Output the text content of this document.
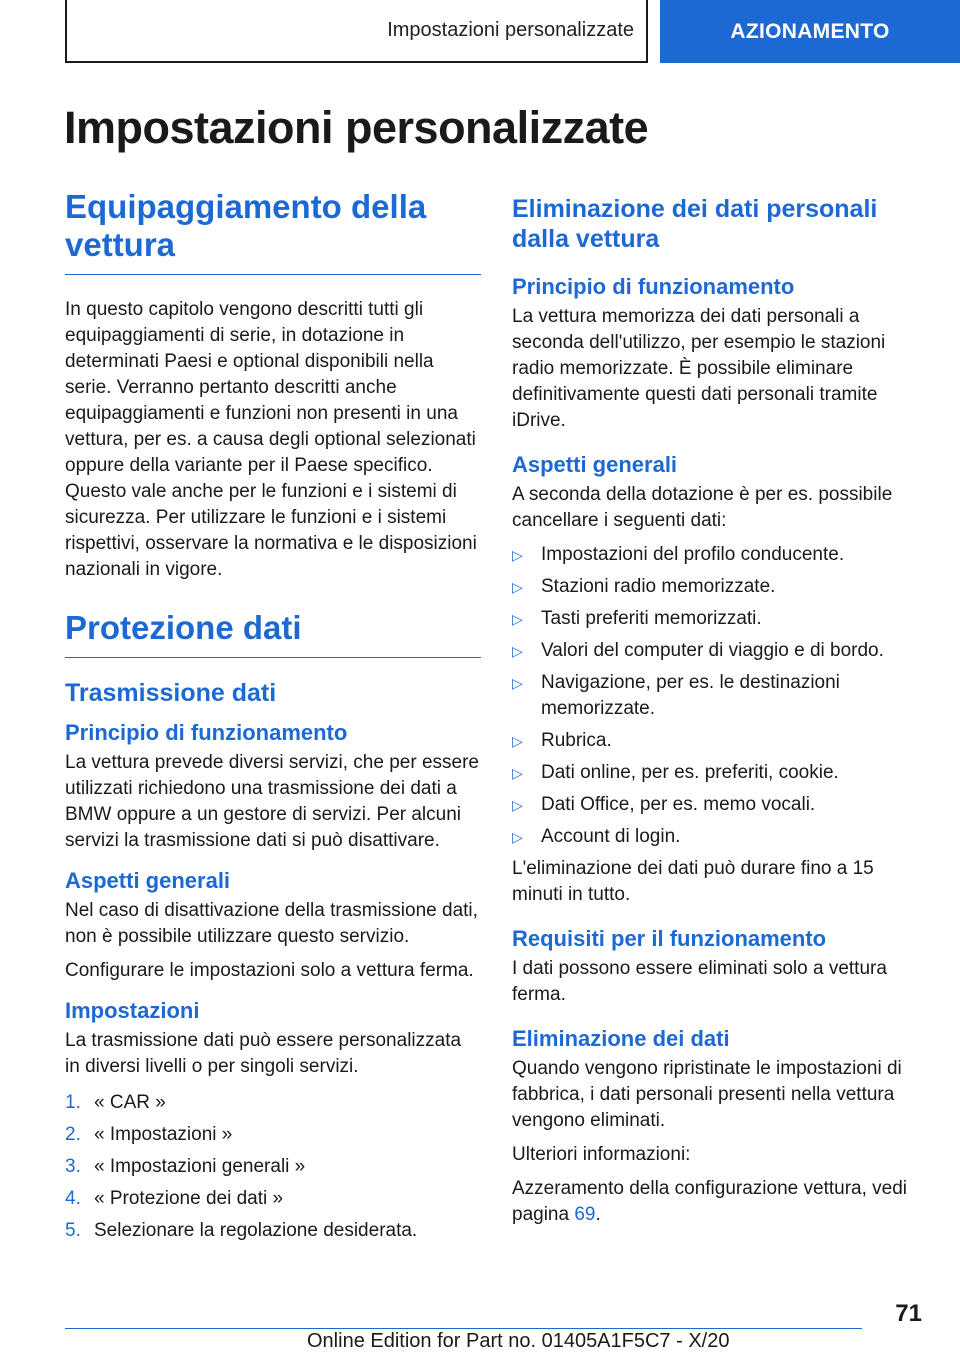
Impostazioni personalizzate	AZIONAMENTO
Impostazioni personalizzate
Equipaggiamento della vettura

In questo capitolo vengono descritti tutti gli equipaggiamenti di serie, in dotazione in determinati Paesi e optional disponibili nella serie. Verranno pertanto descritti anche equipaggiamenti e funzioni non presenti in una vettura, per es. a causa degli optional selezionati oppure della variante per il Paese specifico. Questo vale anche per le funzioni e i sistemi di sicurezza. Per utilizzare le funzioni e i sistemi rispettivi, osservare la normativa e le disposizioni nazionali in vigore.

Protezione dati
Trasmissione dati
Principio di funzionamento

La vettura prevede diversi servizi, che per essere utilizzati richiedono una trasmissione dei dati a BMW oppure a un gestore di servizi. Per alcuni servizi la trasmissione dati si può disattivare.

Aspetti generali

Nel caso di disattivazione della trasmissione dati, non è possibile utilizzare questo servizio.

Configurare le impostazioni solo a vettura ferma.

Impostazioni

La trasmissione dati può essere personalizzata in diversi livelli o per singoli servizi.

1. « CAR »
2. « Impostazioni »
3. « Impostazioni generali »
4. « Protezione dei dati »
5. Selezionare la regolazione desiderata.
Eliminazione dei dati personali dalla vettura
Principio di funzionamento

La vettura memorizza dei dati personali a seconda dell'utilizzo, per esempio le stazioni radio memorizzate. È possibile eliminare definitivamente questi dati personali tramite iDrive.

Aspetti generali

A seconda della dotazione è per es. possibile cancellare i seguenti dati:

▷ Impostazioni del profilo conducente.
▷ Stazioni radio memorizzate.
▷ Tasti preferiti memorizzati.
▷ Valori del computer di viaggio e di bordo.
▷ Navigazione, per es. le destinazioni memorizzate.
▷ Rubrica.
▷ Dati online, per es. preferiti, cookie.
▷ Dati Office, per es. memo vocali.
▷ Account di login.

L'eliminazione dei dati può durare fino a 15 minuti in tutto.

Requisiti per il funzionamento

I dati possono essere eliminati solo a vettura ferma.

Eliminazione dei dati

Quando vengono ripristinate le impostazioni di fabbrica, i dati personali presenti nella vettura vengono eliminati.

Ulteriori informazioni:

Azzeramento della configurazione vettura, vedi pagina 69.

71
Online Edition for Part no. 01405A1F5C7 - X/20
